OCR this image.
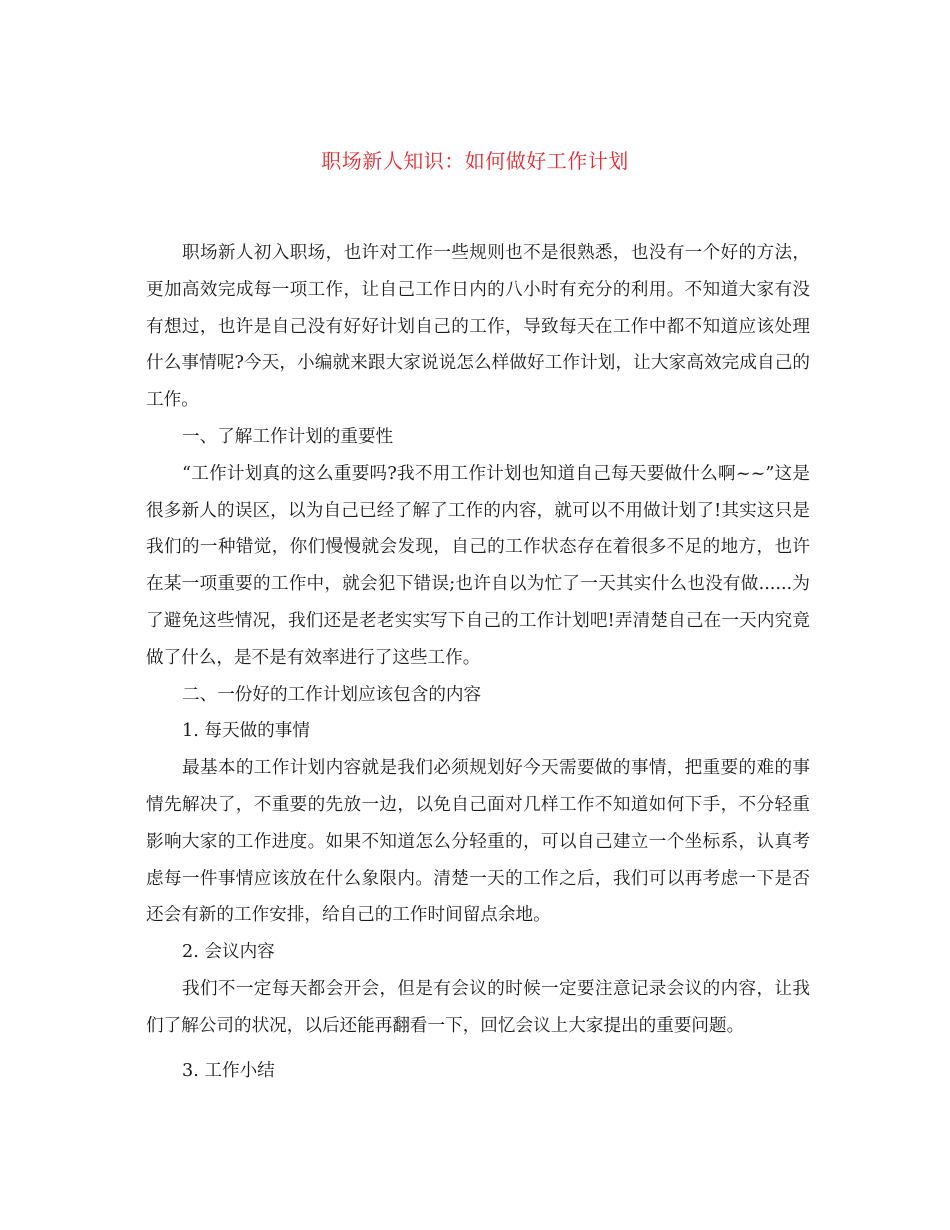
职场新人知识：如何做好工作计划

职场新人初入职场，也许对工作一些规则也不是很熟悉，也没有一个好的方法，更加高效完成每一项工作，让自己工作日内的八小时有充分的利用。不知道大家有没有想过，也许是自己没有好好计划自己的工作，导致每天在工作中都不知道应该处理什么事情呢?今天，小编就来跟大家说说怎么样做好工作计划，让大家高效完成自己的工作。

一、了解工作计划的重要性

“工作计划真的这么重要吗?我不用工作计划也知道自己每天要做什么啊~~”这是很多新人的误区，以为自己已经了解了工作的内容，就可以不用做计划了!其实这只是我们的一种错觉，你们慢慢就会发现，自己的工作状态存在着很多不足的地方，也许在某一项重要的工作中，就会犯下错误;也许自以为忙了一天其实什么也没有做......为了避免这些情况，我们还是老老实实写下自己的工作计划吧!弄清楚自己在一天内究竟做了什么，是不是有效率进行了这些工作。

二、一份好的工作计划应该包含的内容

1. 每天做的事情

最基本的工作计划内容就是我们必须规划好今天需要做的事情，把重要的难的事情先解决了，不重要的先放一边，以免自己面对几样工作不知道如何下手，不分轻重影响大家的工作进度。如果不知道怎么分轻重的，可以自己建立一个坐标系，认真考虑每一件事情应该放在什么象限内。清楚一天的工作之后，我们可以再考虑一下是否还会有新的工作安排，给自己的工作时间留点余地。

2. 会议内容

我们不一定每天都会开会，但是有会议的时候一定要注意记录会议的内容，让我们了解公司的状况，以后还能再翻看一下，回忆会议上大家提出的重要问题。

3. 工作小结
